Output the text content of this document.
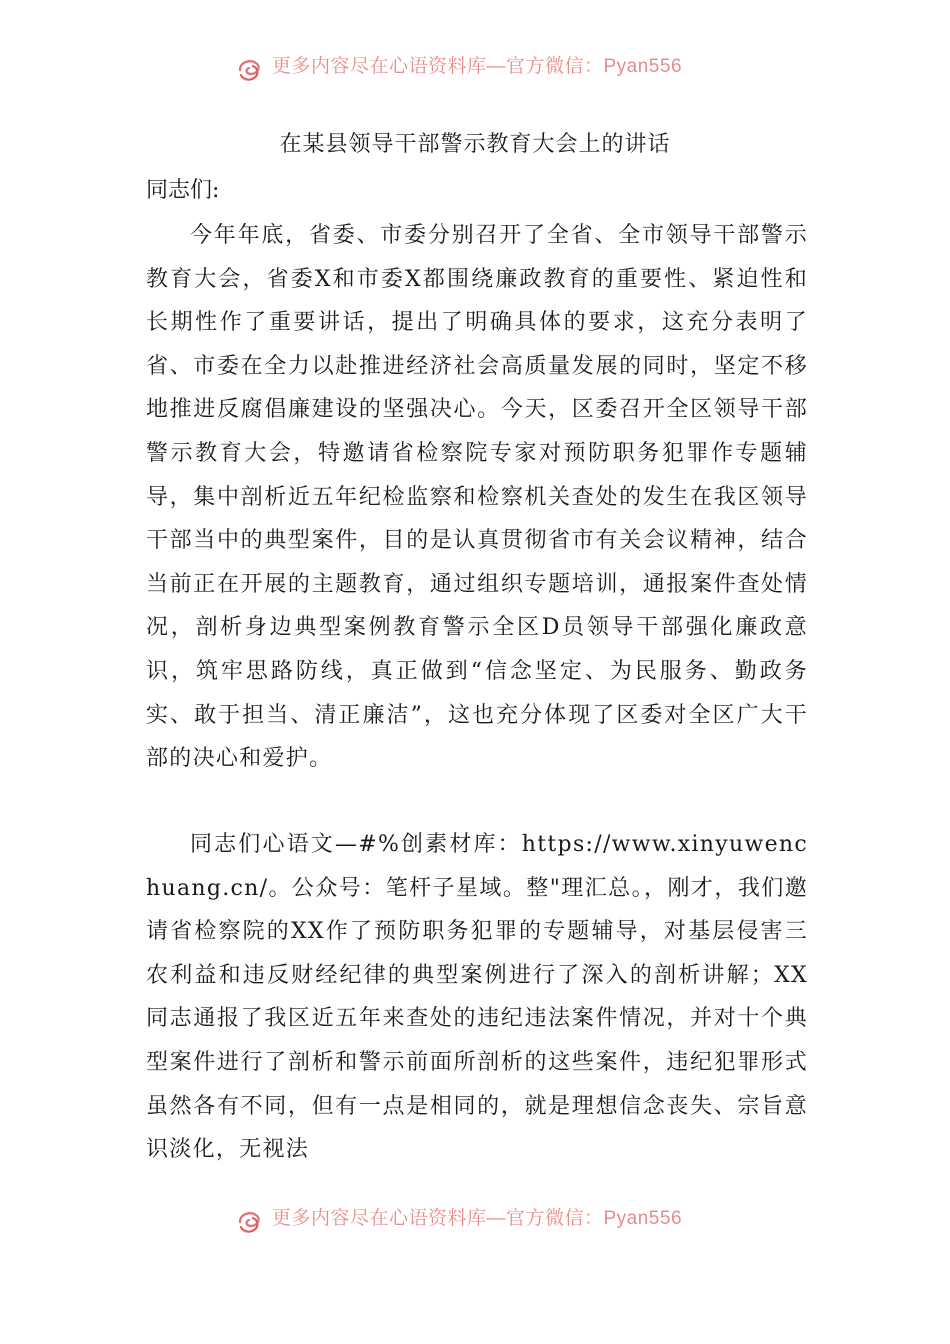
更多内容尽在心语资料库—官方微信：Pyan556
在某县领导干部警示教育大会上的讲话

同志们:

今年年底，省委、市委分别召开了全省、全市领导干部警示教育大会，省委X和市委X都围绕廉政教育的重要性、紧迫性和长期性作了重要讲话，提出了明确具体的要求，这充分表明了省、市委在全力以赴推进经济社会高质量发展的同时，坚定不移地推进反腐倡廉建设的坚强决心。今天，区委召开全区领导干部警示教育大会，特邀请省检察院专家对预防职务犯罪作专题辅导，集中剖析近五年纪检监察和检察机关查处的发生在我区领导干部当中的典型案件，目的是认真贯彻省市有关会议精神，结合当前正在开展的主题教育，通过组织专题培训，通报案件查处情况，剖析身边典型案例教育警示全区D员领导干部强化廉政意识，筑牢思路防线，真正做到“信念坚定、为民服务、勤政务实、敢于担当、清正廉洁”，这也充分体现了区委对全区广大干部的决心和爱护。

同志们心语文—#%创素材库：https://www.xinyuwenchuang.cn/。公众号：笔杆子星域。整"理汇总。，刚才，我们邀请省检察院的XX作了预防职务犯罪的专题辅导，对基层侵害三农利益和违反财经纪律的典型案例进行了深入的剖析讲解；XX同志通报了我区近五年来查处的违纪违法案件情况，并对十个典型案件进行了剖析和警示前面所剖析的这些案件，违纪犯罪形式虽然各有不同，但有一点是相同的，就是理想信念丧失、宗旨意识淡化，无视法

更多内容尽在心语资料库—官方微信：Pyan556
